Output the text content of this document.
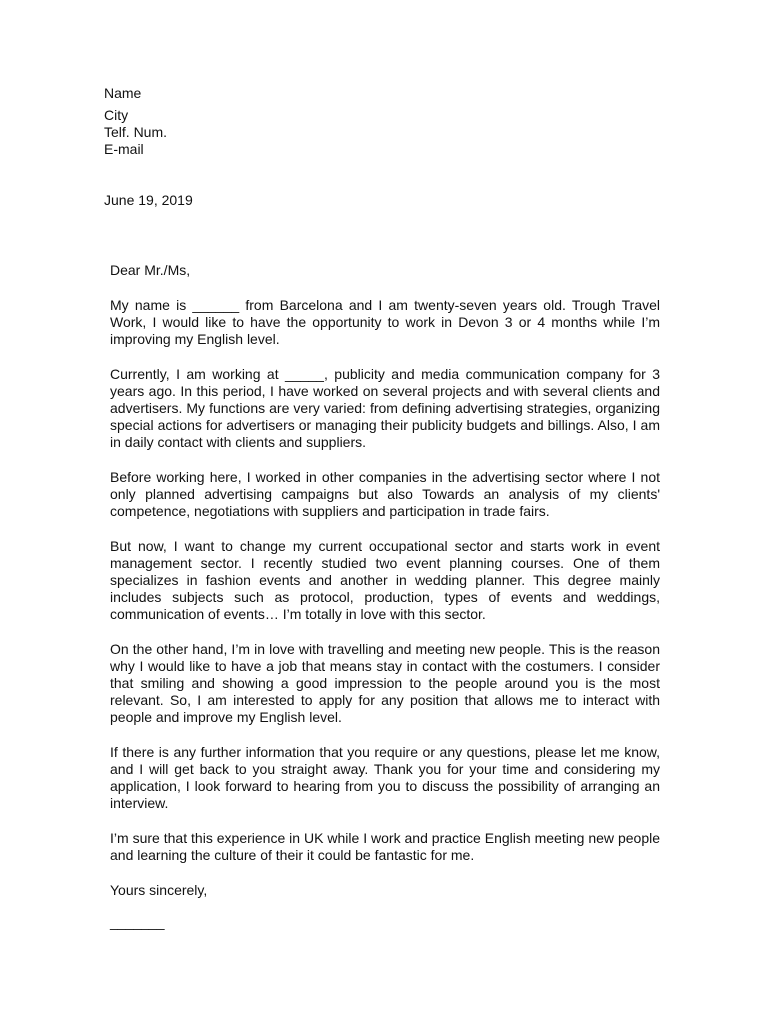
Name
City
Telf. Num.
E-mail
June 19, 2019

Dear Mr./Ms,

My name is ______ from Barcelona and I am twenty-seven years old. Trough Travel Work, I would like to have the opportunity to work in Devon 3 or 4 months while I’m improving my English level.

Currently, I am working at _____, publicity and media communication company for 3 years ago. In this period, I have worked on several projects and with several clients and advertisers. My functions are very varied: from defining advertising strategies, organizing special actions for advertisers or managing their publicity budgets and billings. Also, I am in daily contact with clients and suppliers.

Before working here, I worked in other companies in the advertising sector where I not only planned advertising campaigns but also Towards an analysis of my clients' competence, negotiations with suppliers and participation in trade fairs.

But now, I want to change my current occupational sector and starts work in event management sector. I recently studied two event planning courses. One of them specializes in fashion events and another in wedding planner. This degree mainly includes subjects such as protocol, production, types of events and weddings, communication of events… I’m totally in love with this sector.

On the other hand, I’m in love with travelling and meeting new people. This is the reason why I would like to have a job that means stay in contact with the costumers. I consider that smiling and showing a good impression to the people around you is the most relevant. So, I am interested to apply for any position that allows me to interact with people and improve my English level.

If there is any further information that you require or any questions, please let me know, and I will get back to you straight away. Thank you for your time and considering my application, I look forward to hearing from you to discuss the possibility of arranging an interview.

I’m sure that this experience in UK while I work and practice English meeting new people and learning the culture of their it could be fantastic for me.

Yours sincerely,

_______
